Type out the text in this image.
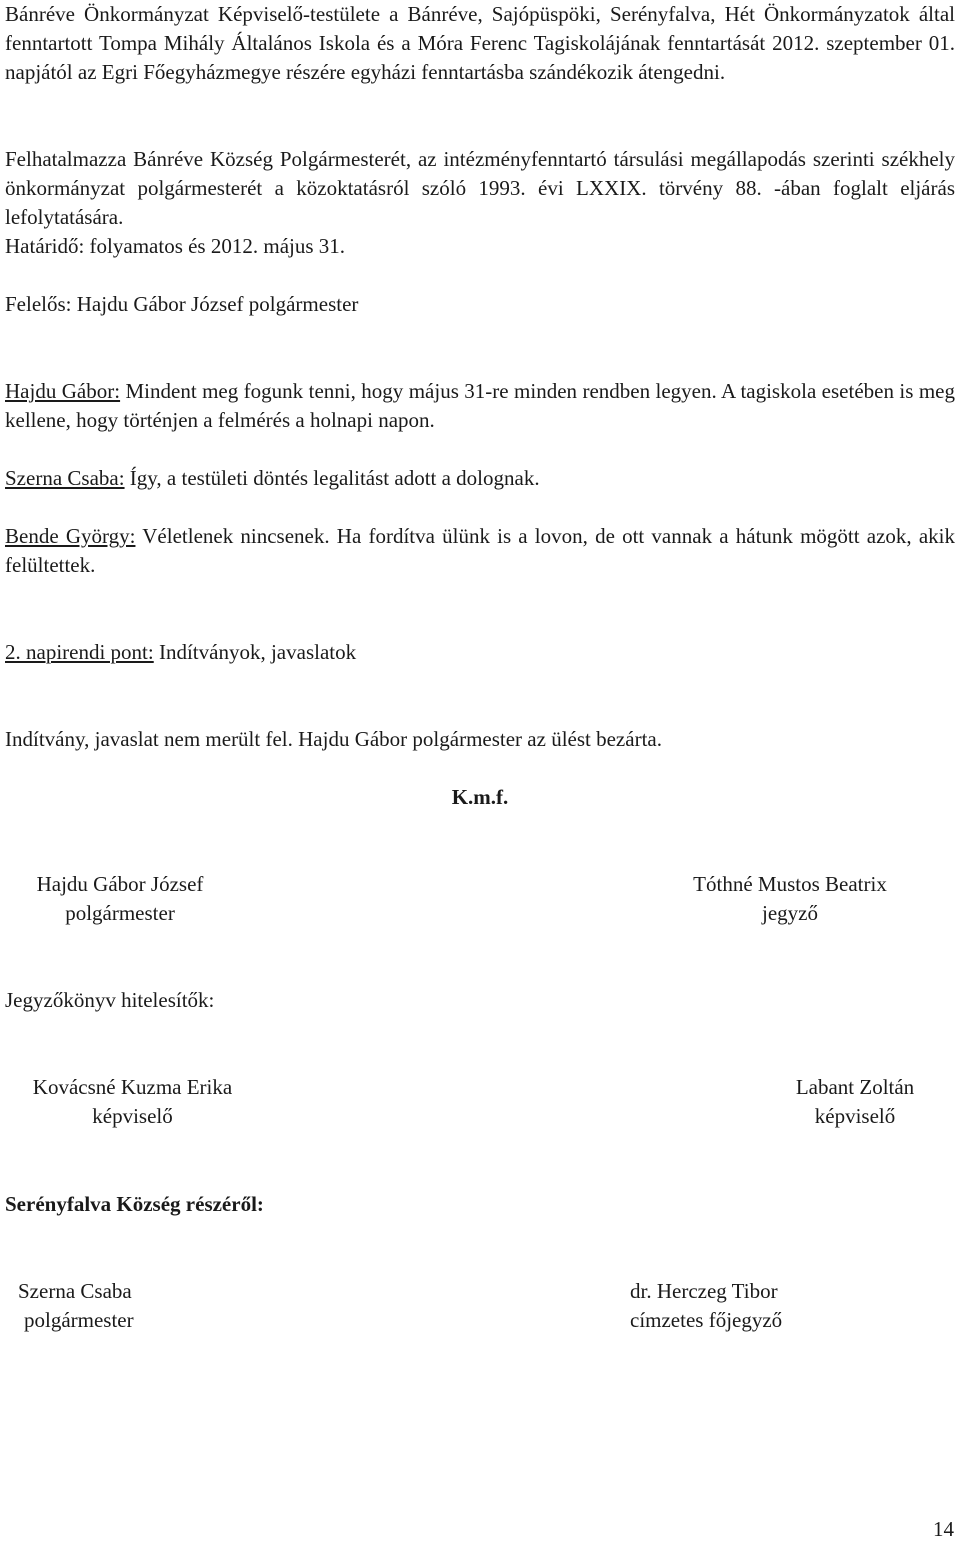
Bánréve Önkormányzat Képviselő-testülete a Bánréve, Sajópüspöki, Serényfalva, Hét Önkormányzatok által fenntartott Tompa Mihály Általános Iskola és a Móra Ferenc Tagiskolájának fenntartását 2012. szeptember 01. napjától az Egri Főegyházmegye részére egyházi fenntartásba szándékozik átengedni.

Felhatalmazza Bánréve Község Polgármesterét, az intézményfenntartó társulási megállapodás szerinti székhely önkormányzat polgármesterét a közoktatásról szóló 1993. évi LXXIX. törvény 88. -ában foglalt eljárás lefolytatására.

Határidő: folyamatos és 2012. május 31.

Felelős: Hajdu Gábor József polgármester

Hajdu Gábor: Mindent meg fogunk tenni, hogy május 31-re minden rendben legyen. A tagiskola esetében is meg kellene, hogy történjen a felmérés a holnapi napon.

Szerna Csaba: Így, a testületi döntés legalitást adott a dolognak.

Bende György: Véletlenek nincsenek. Ha fordítva ülünk is a lovon, de ott vannak a hátunk mögött azok, akik felültettek.

2. napirendi pont: Indítványok, javaslatok

Indítvány, javaslat nem merült fel. Hajdu Gábor polgármester az ülést bezárta.

K.m.f.

Hajdu Gábor József
polgármester
Tóthné Mustos Beatrix
jegyző

Jegyzőkönyv hitelesítők:

Kovácsné Kuzma Erika
képviselő
Labant Zoltán
képviselő

Serényfalva Község részéről:

Szerna Csaba
polgármester
dr. Herczeg Tibor
címzetes főjegyző

14
